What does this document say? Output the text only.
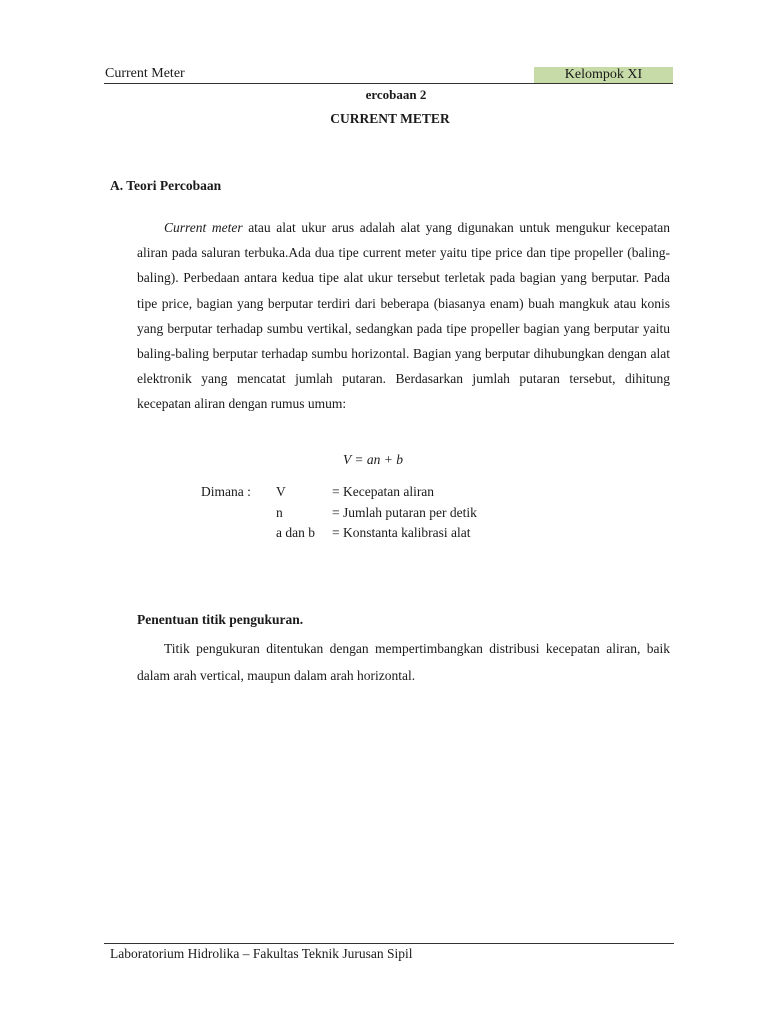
Current Meter	Kelompok XI
ercobaan 2
CURRENT METER
A. Teori Percobaan

Current meter atau alat ukur arus adalah alat yang digunakan untuk mengukur kecepatan aliran pada saluran terbuka.Ada dua tipe current meter yaitu tipe price dan tipe propeller (baling-baling). Perbedaan antara kedua tipe alat ukur tersebut terletak pada bagian yang berputar. Pada tipe price, bagian yang berputar terdiri dari beberapa (biasanya enam) buah mangkuk atau konis yang berputar terhadap sumbu vertikal, sedangkan pada tipe propeller bagian yang berputar yaitu baling-baling berputar terhadap sumbu horizontal. Bagian yang berputar dihubungkan dengan alat elektronik yang mencatat jumlah putaran. Berdasarkan jumlah putaran tersebut, dihitung kecepatan aliran dengan rumus umum:

V = an + b
Dimana :	V	= Kecepatan aliran
	n	= Jumlah putaran per detik
	a dan b	= Konstanta kalibrasi alat
Penentuan titik pengukuran.

Titik pengukuran ditentukan dengan mempertimbangkan distribusi kecepatan aliran, baik dalam arah vertical, maupun dalam arah horizontal.

Laboratorium Hidrolika – Fakultas Teknik Jurusan Sipil
